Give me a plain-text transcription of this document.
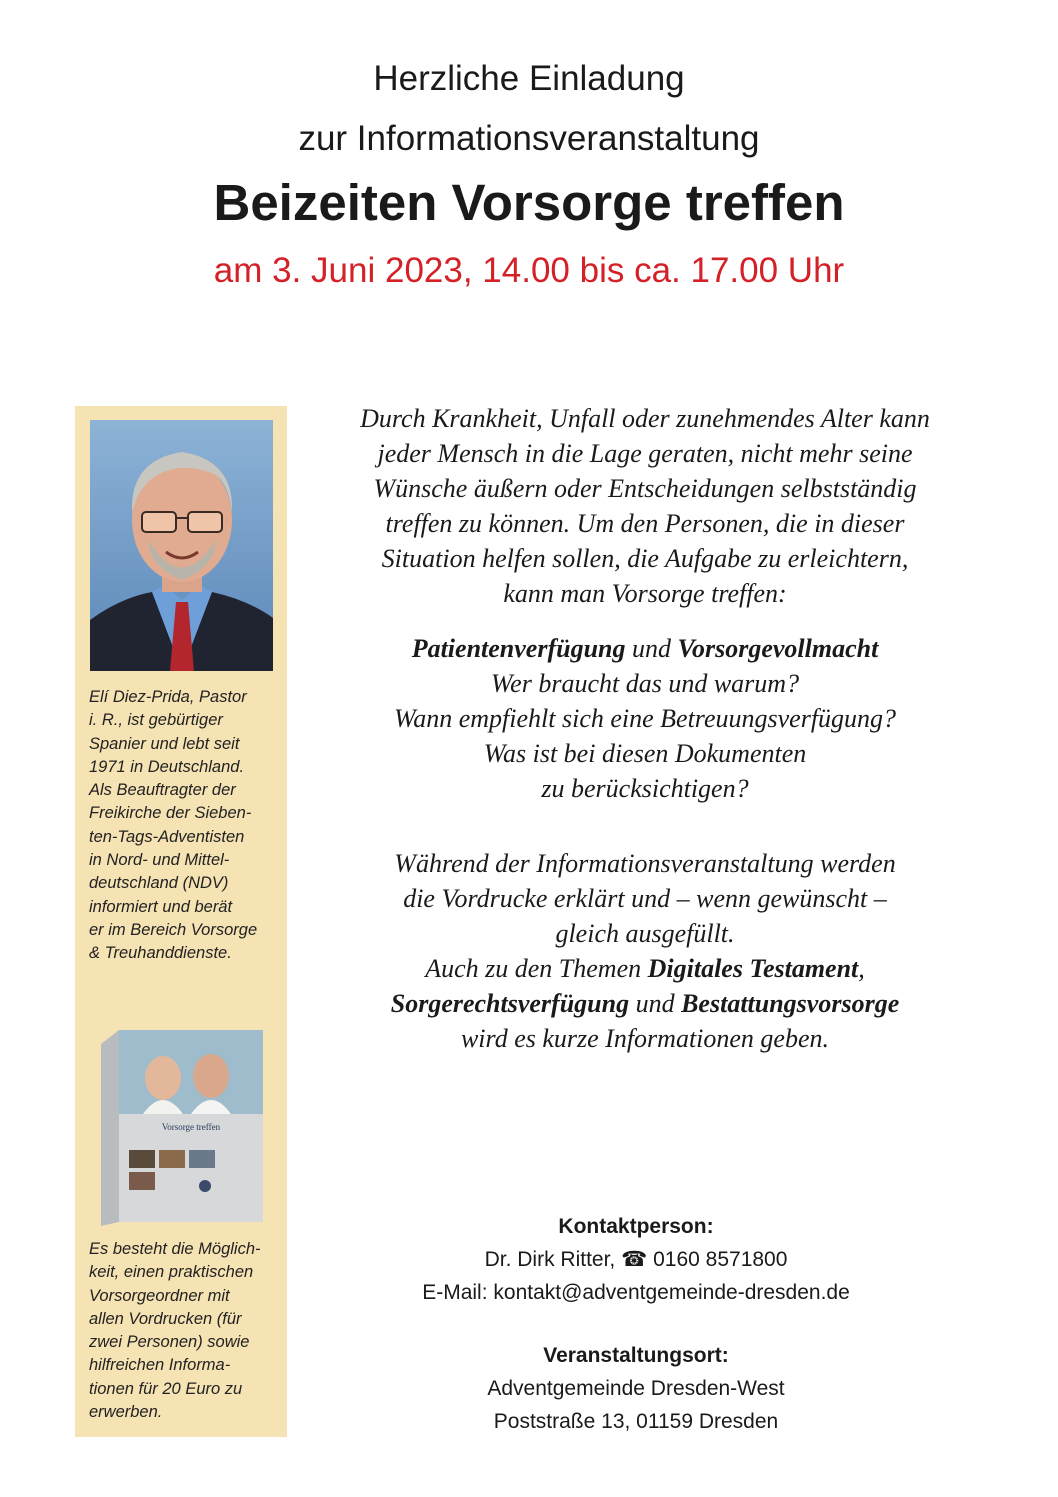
Herzliche Einladung
zur Informationsveranstaltung
Beizeiten Vorsorge treffen
am 3. Juni 2023, 14.00 bis ca. 17.00 Uhr
Elí Diez-Prida, Pastor
i. R., ist gebürtiger
Spanier und lebt seit
1971 in Deutschland.
Als Beauftragter der
Freikirche der Sieben-
ten-Tags-Adventisten
in Nord- und Mittel-
deutschland (NDV)
informiert und berät
er im Bereich Vorsorge
& Treuhanddienste.
Vorsorge treffen
Es besteht die Möglich-
keit, einen praktischen
Vorsorgeordner mit
allen Vordrucken (für
zwei Personen) sowie
hilfreichen Informa-
tionen für 20 Euro zu
erwerben.

Durch Krankheit, Unfall oder zunehmendes Alter kann
jeder Mensch in die Lage geraten, nicht mehr seine
Wünsche äußern oder Entscheidungen selbstständig
treffen zu können. Um den Personen, die in dieser
Situation helfen sollen, die Aufgabe zu erleichtern,
kann man Vorsorge treffen:

Patientenverfügung und Vorsorgevollmacht
Wer braucht das und warum?
Wann empfiehlt sich eine Betreuungsverfügung?
Was ist bei diesen Dokumenten
zu berücksichtigen?

Während der Informationsveranstaltung werden
die Vordrucke erklärt und – wenn gewünscht –
gleich ausgefüllt.
Auch zu den Themen Digitales Testament,
Sorgerechtsverfügung und Bestattungsvorsorge
wird es kurze Informationen geben.

Kontaktperson:
Dr. Dirk Ritter, ☎ 0160 8571800
E-Mail: kontakt@adventgemeinde-dresden.de
Veranstaltungsort:
Adventgemeinde Dresden-West
Poststraße 13, 01159 Dresden
